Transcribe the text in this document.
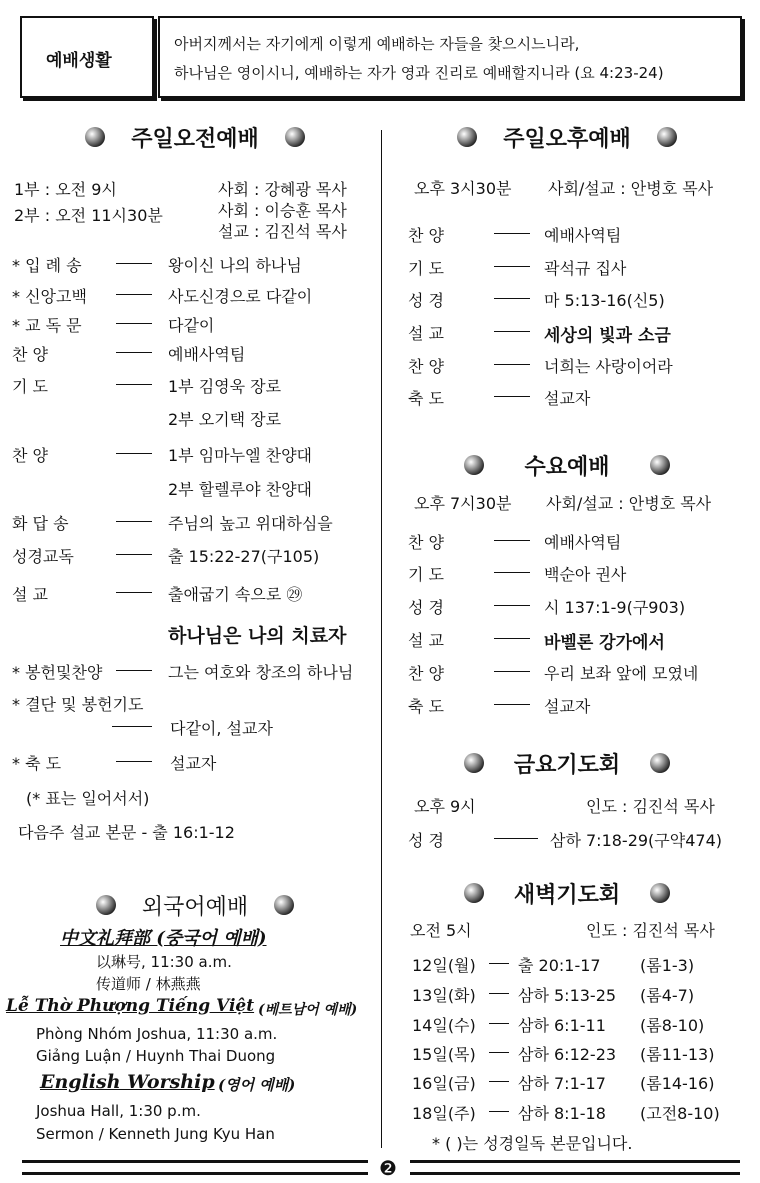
예배생활
아버지께서는 자기에게 이렇게 예배하는 자들을 찾으시느니라,
하나님은 영이시니, 예배하는 자가 영과 진리로 예배할지니라 (요 4:23-24)
주일오전예배
1부 : 오전 9시
2부 : 오전 11시30분
사회 : 강혜광 목사
사회 : 이승훈 목사
설교 : 김진석 목사
* 입 례 송	왕이신 나의 하나님
* 신앙고백	사도신경으로 다같이
* 교 독 문	다같이
찬 양	예배사역팀
기 도	1부 김영욱 장로
2부 오기택 장로
찬 양	1부 임마누엘 찬양대
2부 할렐루야 찬양대
화 답 송	주님의 높고 위대하심을
성경교독	출 15:22-27(구105)
설 교	출애굽기 속으로 ㉙
하나님은 나의 치료자
* 봉헌및찬양	그는 여호와 창조의 하나님
* 결단 및 봉헌기도
다같이, 설교자
* 축 도	설교자
(* 표는 일어서서)
다음주 설교 본문 - 출 16:1-12
외국어예배
中文礼拜部 (중국어 예배)
以琳号, 11:30 a.m.
传道师 / 林燕燕
Lễ Thờ Phượng Tiếng Việt (베트남어 예배)
Phòng Nhóm Joshua, 11:30 a.m.
Giảng Luận / Huynh Thai Duong
English Worship (영어 예배)
Joshua Hall, 1:30 p.m.
Sermon / Kenneth Jung Kyu Han
주일오후예배
오후 3시30분 사회/설교 : 안병호 목사
찬 양	예배사역팀
기 도	곽석규 집사
성 경	마 5:13-16(신5)
설 교	세상의 빛과 소금
찬 양	너희는 사랑이어라
축 도	설교자
수요예배
오후 7시30분 사회/설교 : 안병호 목사
찬 양	예배사역팀
기 도	백순아 권사
성 경	시 137:1-9(구903)
설 교	바벨론 강가에서
찬 양	우리 보좌 앞에 모였네
축 도	설교자
금요기도회
오후 9시	인도 : 김진석 목사
성 경	삼하 7:18-29(구약474)
새벽기도회
오전 5시	인도 : 김진석 목사
12일(월)	출 20:1-17 (롬1-3)
13일(화)	삼하 5:13-25 (롬4-7)
14일(수)	삼하 6:1-11 (롬8-10)
15일(목)	삼하 6:12-23 (롬11-13)
16일(금)	삼하 7:1-17 (롬14-16)
18일(주)	삼하 8:1-18 (고전8-10)
* ( )는 성경일독 본문입니다.
❷
